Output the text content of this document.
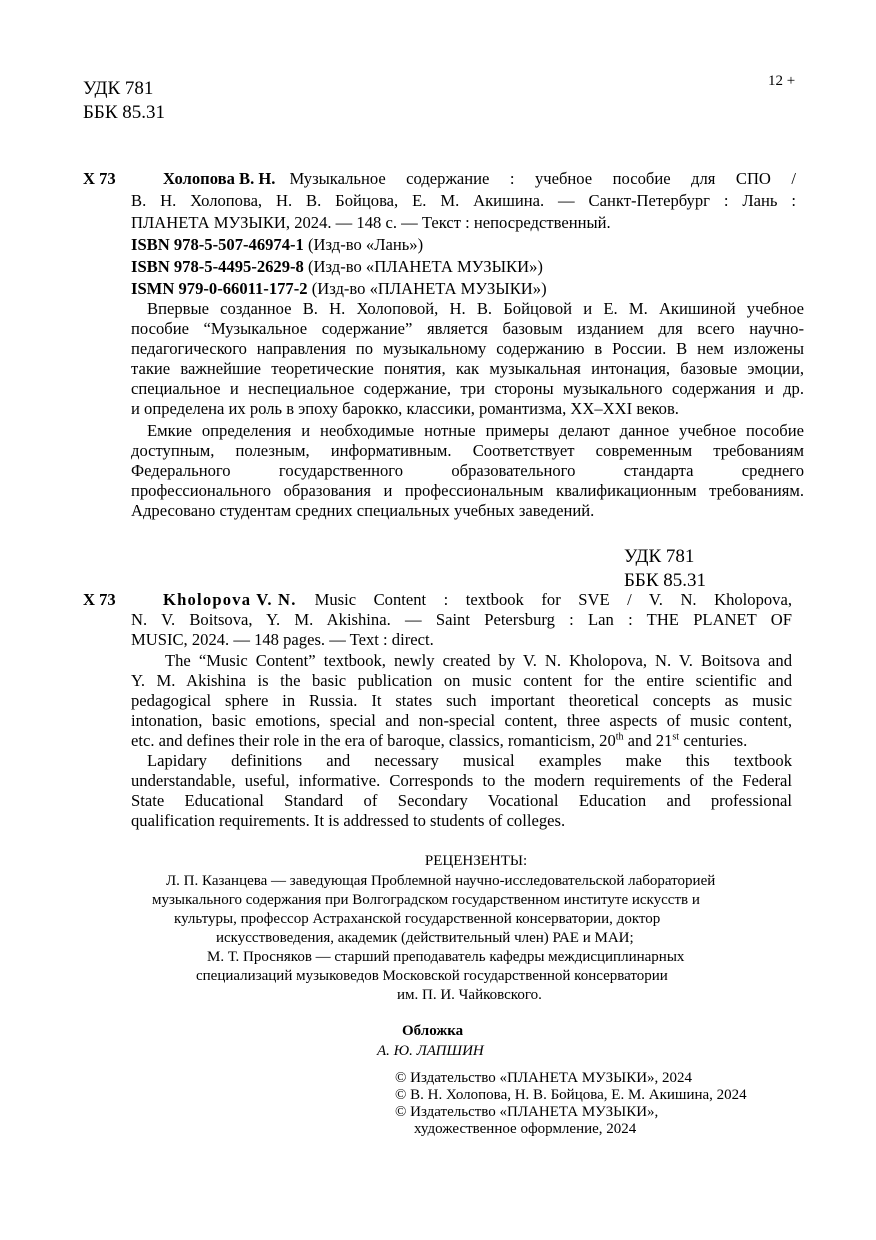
УДК 781
ББК 85.31
12 +
Х 73	Холопова В. Н. Музыкальное содержание : учебное пособие для СПО /
В. Н. Холопова, Н. В. Бойцова, Е. М. Акишина. — Санкт-Петербург : Лань :
ПЛАНЕТА МУЗЫКИ, 2024. — 148 с. — Текст : непосредственный.
ISBN 978-5-507-46974-1 (Изд-во «Лань»)
ISBN 978-5-4495-2629-8 (Изд-во «ПЛАНЕТА МУЗЫКИ»)
ISMN 979-0-66011-177-2 (Изд-во «ПЛАНЕТА МУЗЫКИ»)
Впервые созданное В. Н. Холоповой, Н. В. Бойцовой и Е. М. Акишиной учебное
пособие “Музыкальное содержание” является базовым изданием для всего научно-
педагогического направления по музыкальному содержанию в России. В нем изложены
такие важнейшие теоретические понятия, как музыкальная интонация, базовые эмоции,
специальное и неспециальное содержание, три стороны музыкального содержания и др.
и определена их роль в эпоху барокко, классики, романтизма, XX–XXI веков.
Емкие определения и необходимые нотные примеры делают данное учебное пособие
доступным, полезным, информативным. Соответствует современным требованиям
Федерального государственного образовательного стандарта среднего
профессионального образования и профессиональным квалификационным требованиям.
Адресовано студентам средних специальных учебных заведений.
УДК 781
ББК 85.31
Х 73	Kholopova V. N. Music Content : textbook for SVE / V. N. Kholopova,
N. V. Boitsova, Y. M. Akishina. — Saint Petersburg : Lan : THE PLANET OF
MUSIC, 2024. — 148 pages. — Text : direct.
The “Music Content” textbook, newly created by V. N. Kholopova, N. V. Boitsova and
Y. M. Akishina is the basic publication on music content for the entire scientific and
pedagogical sphere in Russia. It states such important theoretical concepts as music
intonation, basic emotions, special and non-special content, three aspects of music content,
etc. and defines their role in the era of baroque, classics, romanticism, 20th and 21st centuries.
Lapidary definitions and necessary musical examples make this textbook
understandable, useful, informative. Corresponds to the modern requirements of the Federal
State Educational Standard of Secondary Vocational Education and professional
qualification requirements. It is addressed to students of colleges.
РЕЦЕНЗЕНТЫ:
Л. П. Казанцева — заведующая Проблемной научно-исследовательской лабораторией
музыкального содержания при Волгоградском государственном институте искусств и
культуры, профессор Астраханской государственной консерватории, доктор
искусствоведения, академик (действительный член) РАЕ и МАИ;
М. Т. Просняков — старший преподаватель кафедры междисциплинарных
специализаций музыковедов Московской государственной консерватории
им. П. И. Чайковского.
Обложка
А. Ю. ЛАПШИН
© Издательство «ПЛАНЕТА МУЗЫКИ», 2024
© В. Н. Холопова, Н. В. Бойцова, Е. М. Акишина, 2024
© Издательство «ПЛАНЕТА МУЗЫКИ»,
художественное оформление, 2024
